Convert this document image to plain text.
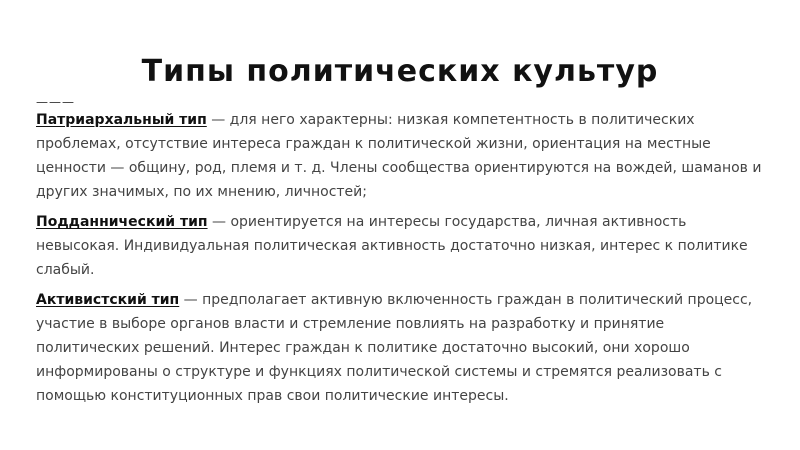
Типы политических культур
———

Патриархальный тип — для него характерны: низкая компетентность в политических проблемах, отсутствие интереса граждан к политической жизни, ориентация на местные ценности — общину, род, племя и т. д. Члены сообщества ориентируются на вождей, шаманов и других значимых, по их мнению, личностей;

Подданнический тип — ориентируется на интересы государства, личная активность невысокая. Индивидуальная политическая активность достаточно низкая, интерес к политике слабый.

Активистский тип — предполагает активную включенность граждан в политический процесс, участие в выборе органов власти и стремление повлиять на разработку и принятие политических решений. Интерес граждан к политике достаточно высокий, они хорошо информированы о структуре и функциях политической системы и стремятся реализовать с помощью конституционных прав свои политические интересы.
